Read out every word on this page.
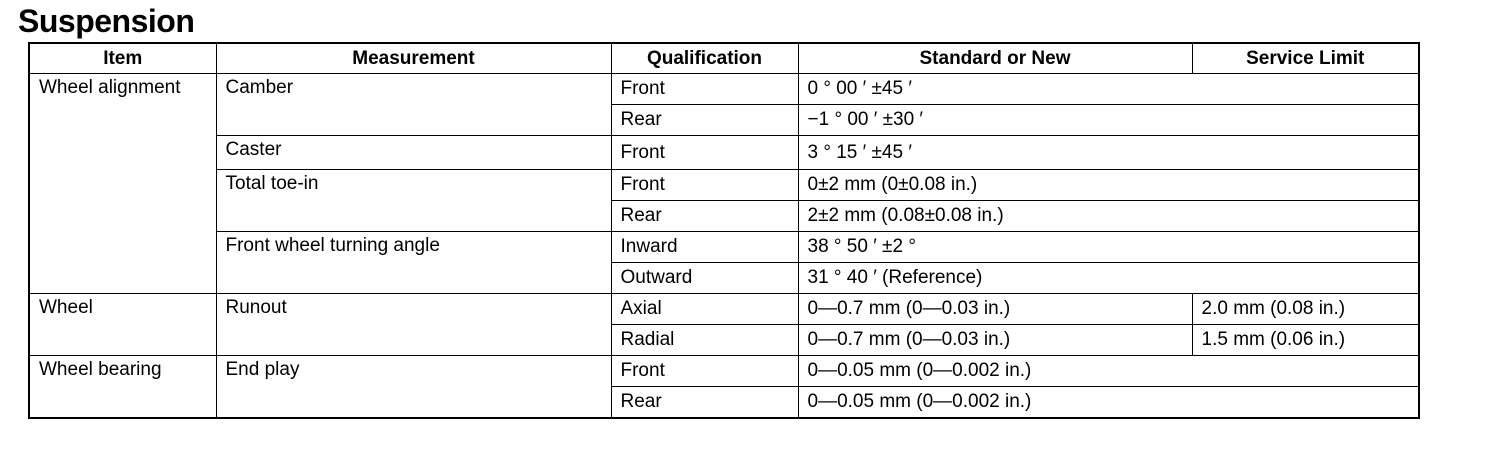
Suspension
Item	Measurement	Qualification	Standard or New	Service Limit
Wheel alignment	Camber	Front	0 ° 00 ′ ±45 ′	
		Rear	−1 ° 00 ′ ±30 ′	
	Caster	Front	3 ° 15 ′ ±45 ′	
	Total toe-in	Front	0±2 mm (0±0.08 in.)	
		Rear	2±2 mm (0.08±0.08 in.)	
	Front wheel turning angle	Inward	38 ° 50 ′ ±2 °	
		Outward	31 ° 40 ′ (Reference)	
Wheel	Runout	Axial	0—0.7 mm (0—0.03 in.)	2.0 mm (0.08 in.)
		Radial	0—0.7 mm (0—0.03 in.)	1.5 mm (0.06 in.)
Wheel bearing	End play	Front	0—0.05 mm (0—0.002 in.)	
		Rear	0—0.05 mm (0—0.002 in.)	
